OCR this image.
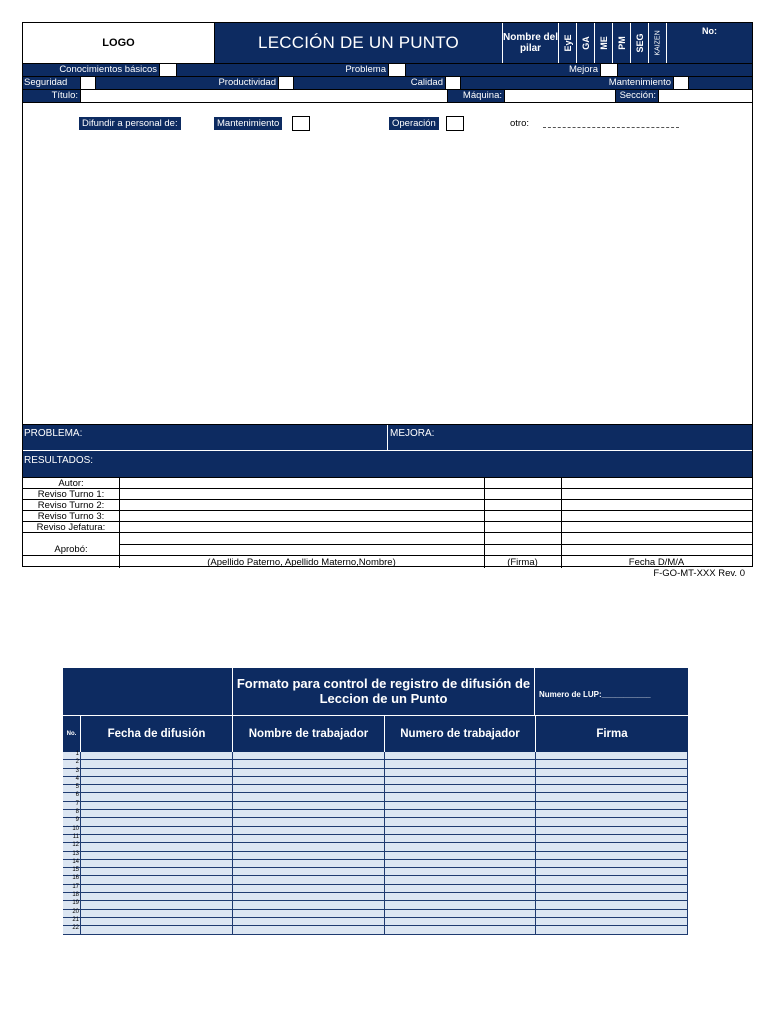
LOGO	LECCIÓN DE UN PUNTO	Nombre del pilar	EyE GA ME PM SEG KAIZEN	No:
Conocimientos básicos	Problema	Mejora
Seguridad	Productividad	Calidad	Mantenimiento
Título:	Máquina:	Sección:
Difundir a personal de:	Mantenimiento	Operación	otro:
PROBLEMA:	MEJORA:
RESULTADOS:
Autor:
Reviso Turno 1:
Reviso Turno 2:
Reviso Turno 3:
Reviso Jefatura:
Aprobó:
(Apellido Paterno, Apellido Materno,Nombre)	(Firma)	Fecha D/M/A
F-GO-MT-XXX Rev. 0
Formato para control de registro de difusión de Leccion de un Punto	Numero de LUP:___________
No.	Fecha de difusión	Nombre de trabajador	Numero de trabajador	Firma
1
2
3
4
5
6
7
8
9
10
11
12
13
14
15
16
17
18
19
20
21
22
